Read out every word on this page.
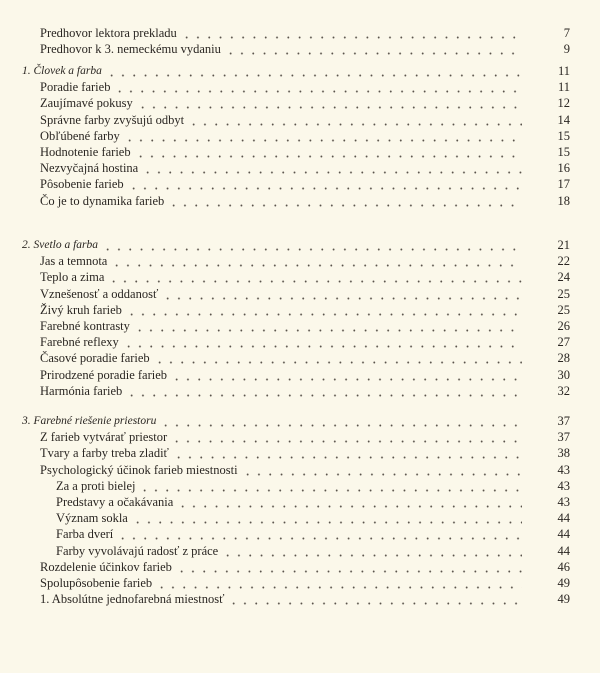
Predhovor lektora prekladu	7
Predhovor k 3. nemeckému vydaniu	9
1. Človek a farba	11
Poradie farieb	11
Zaujímavé pokusy	12
Správne farby zvyšujú odbyt	14
Obľúbené farby	15
Hodnotenie farieb	15
Nezvyčajná hostina	16
Pôsobenie farieb	17
Čo je to dynamika farieb	18
2. Svetlo a farba	21
Jas a temnota	22
Teplo a zima	24
Vznešenosť a oddanosť	25
Živý kruh farieb	25
Farebné kontrasty	26
Farebné reflexy	27
Časové poradie farieb	28
Prirodzené poradie farieb	30
Harmónia farieb	32
3. Farebné riešenie priestoru	37
Z farieb vytvárať priestor	37
Tvary a farby treba zladiť	38
Psychologický účinok farieb miestnosti	43
Za a proti bielej	43
Predstavy a očakávania	43
Význam sokla	44
Farba dverí	44
Farby vyvolávajú radosť z práce	44
Rozdelenie účinkov farieb	46
Spolupôsobenie farieb	49
1. Absolútne jednofarebná miestnosť	49
